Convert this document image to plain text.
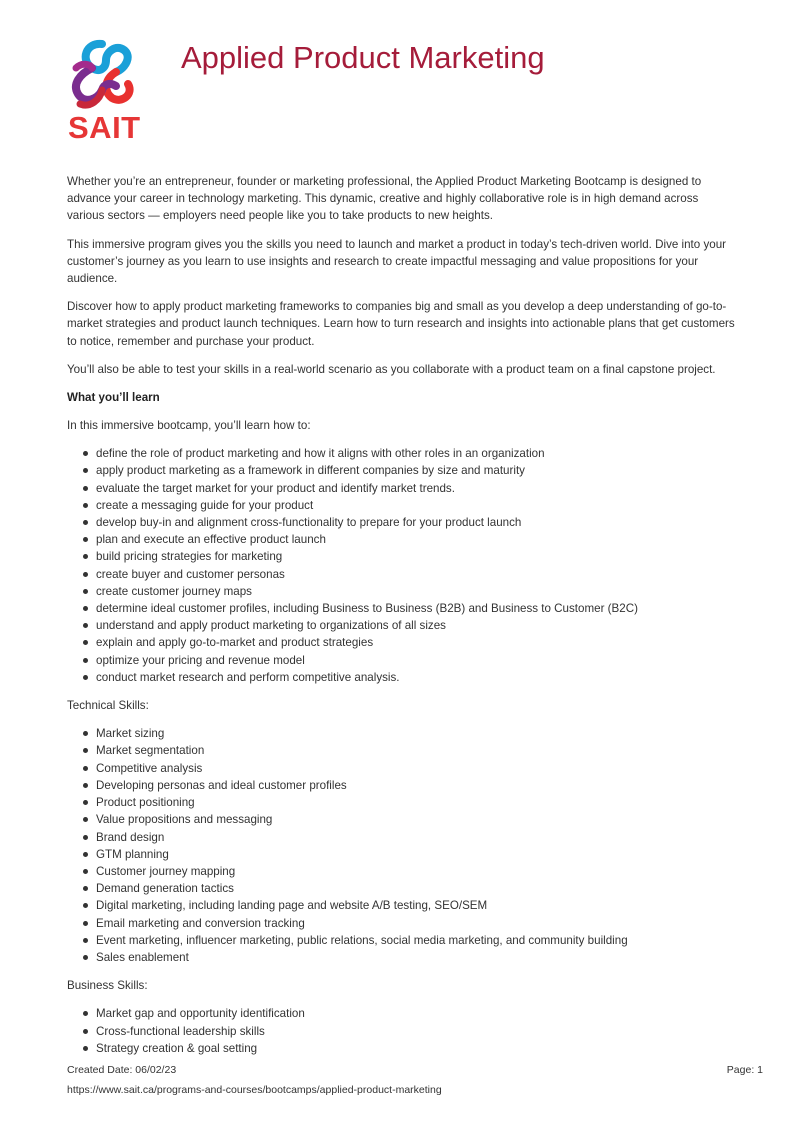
SAIT
Applied Product Marketing

Whether you’re an entrepreneur, founder or marketing professional, the Applied Product Marketing Bootcamp is designed to advance your career in technology marketing. This dynamic, creative and highly collaborative role is in high demand across various sectors — employers need people like you to take products to new heights.

This immersive program gives you the skills you need to launch and market a product in today’s tech-driven world. Dive into your customer’s journey as you learn to use insights and research to create impactful messaging and value propositions for your audience.

Discover how to apply product marketing frameworks to companies big and small as you develop a deep understanding of go-to-market strategies and product launch techniques. Learn how to turn research and insights into actionable plans that get customers to notice, remember and purchase your product.

You’ll also be able to test your skills in a real-world scenario as you collaborate with a product team on a final capstone project.

What you’ll learn

In this immersive bootcamp, you’ll learn how to:

define the role of product marketing and how it aligns with other roles in an organization
apply product marketing as a framework in different companies by size and maturity
evaluate the target market for your product and identify market trends.
create a messaging guide for your product
develop buy-in and alignment cross-functionality to prepare for your product launch
plan and execute an effective product launch
build pricing strategies for marketing
create buyer and customer personas
create customer journey maps
determine ideal customer profiles, including Business to Business (B2B) and Business to Customer (B2C)
understand and apply product marketing to organizations of all sizes
explain and apply go-to-market and product strategies
optimize your pricing and revenue model
conduct market research and perform competitive analysis.

Technical Skills:

Market sizing
Market segmentation
Competitive analysis
Developing personas and ideal customer profiles
Product positioning
Value propositions and messaging
Brand design
GTM planning
Customer journey mapping
Demand generation tactics
Digital marketing, including landing page and website A/B testing, SEO/SEM
Email marketing and conversion tracking
Event marketing, influencer marketing, public relations, social media marketing, and community building
Sales enablement

Business Skills:

Market gap and opportunity identification
Cross-functional leadership skills
Strategy creation & goal setting
Created Date: 06/02/23	Page: 1
https://www.sait.ca/programs-and-courses/bootcamps/applied-product-marketing
